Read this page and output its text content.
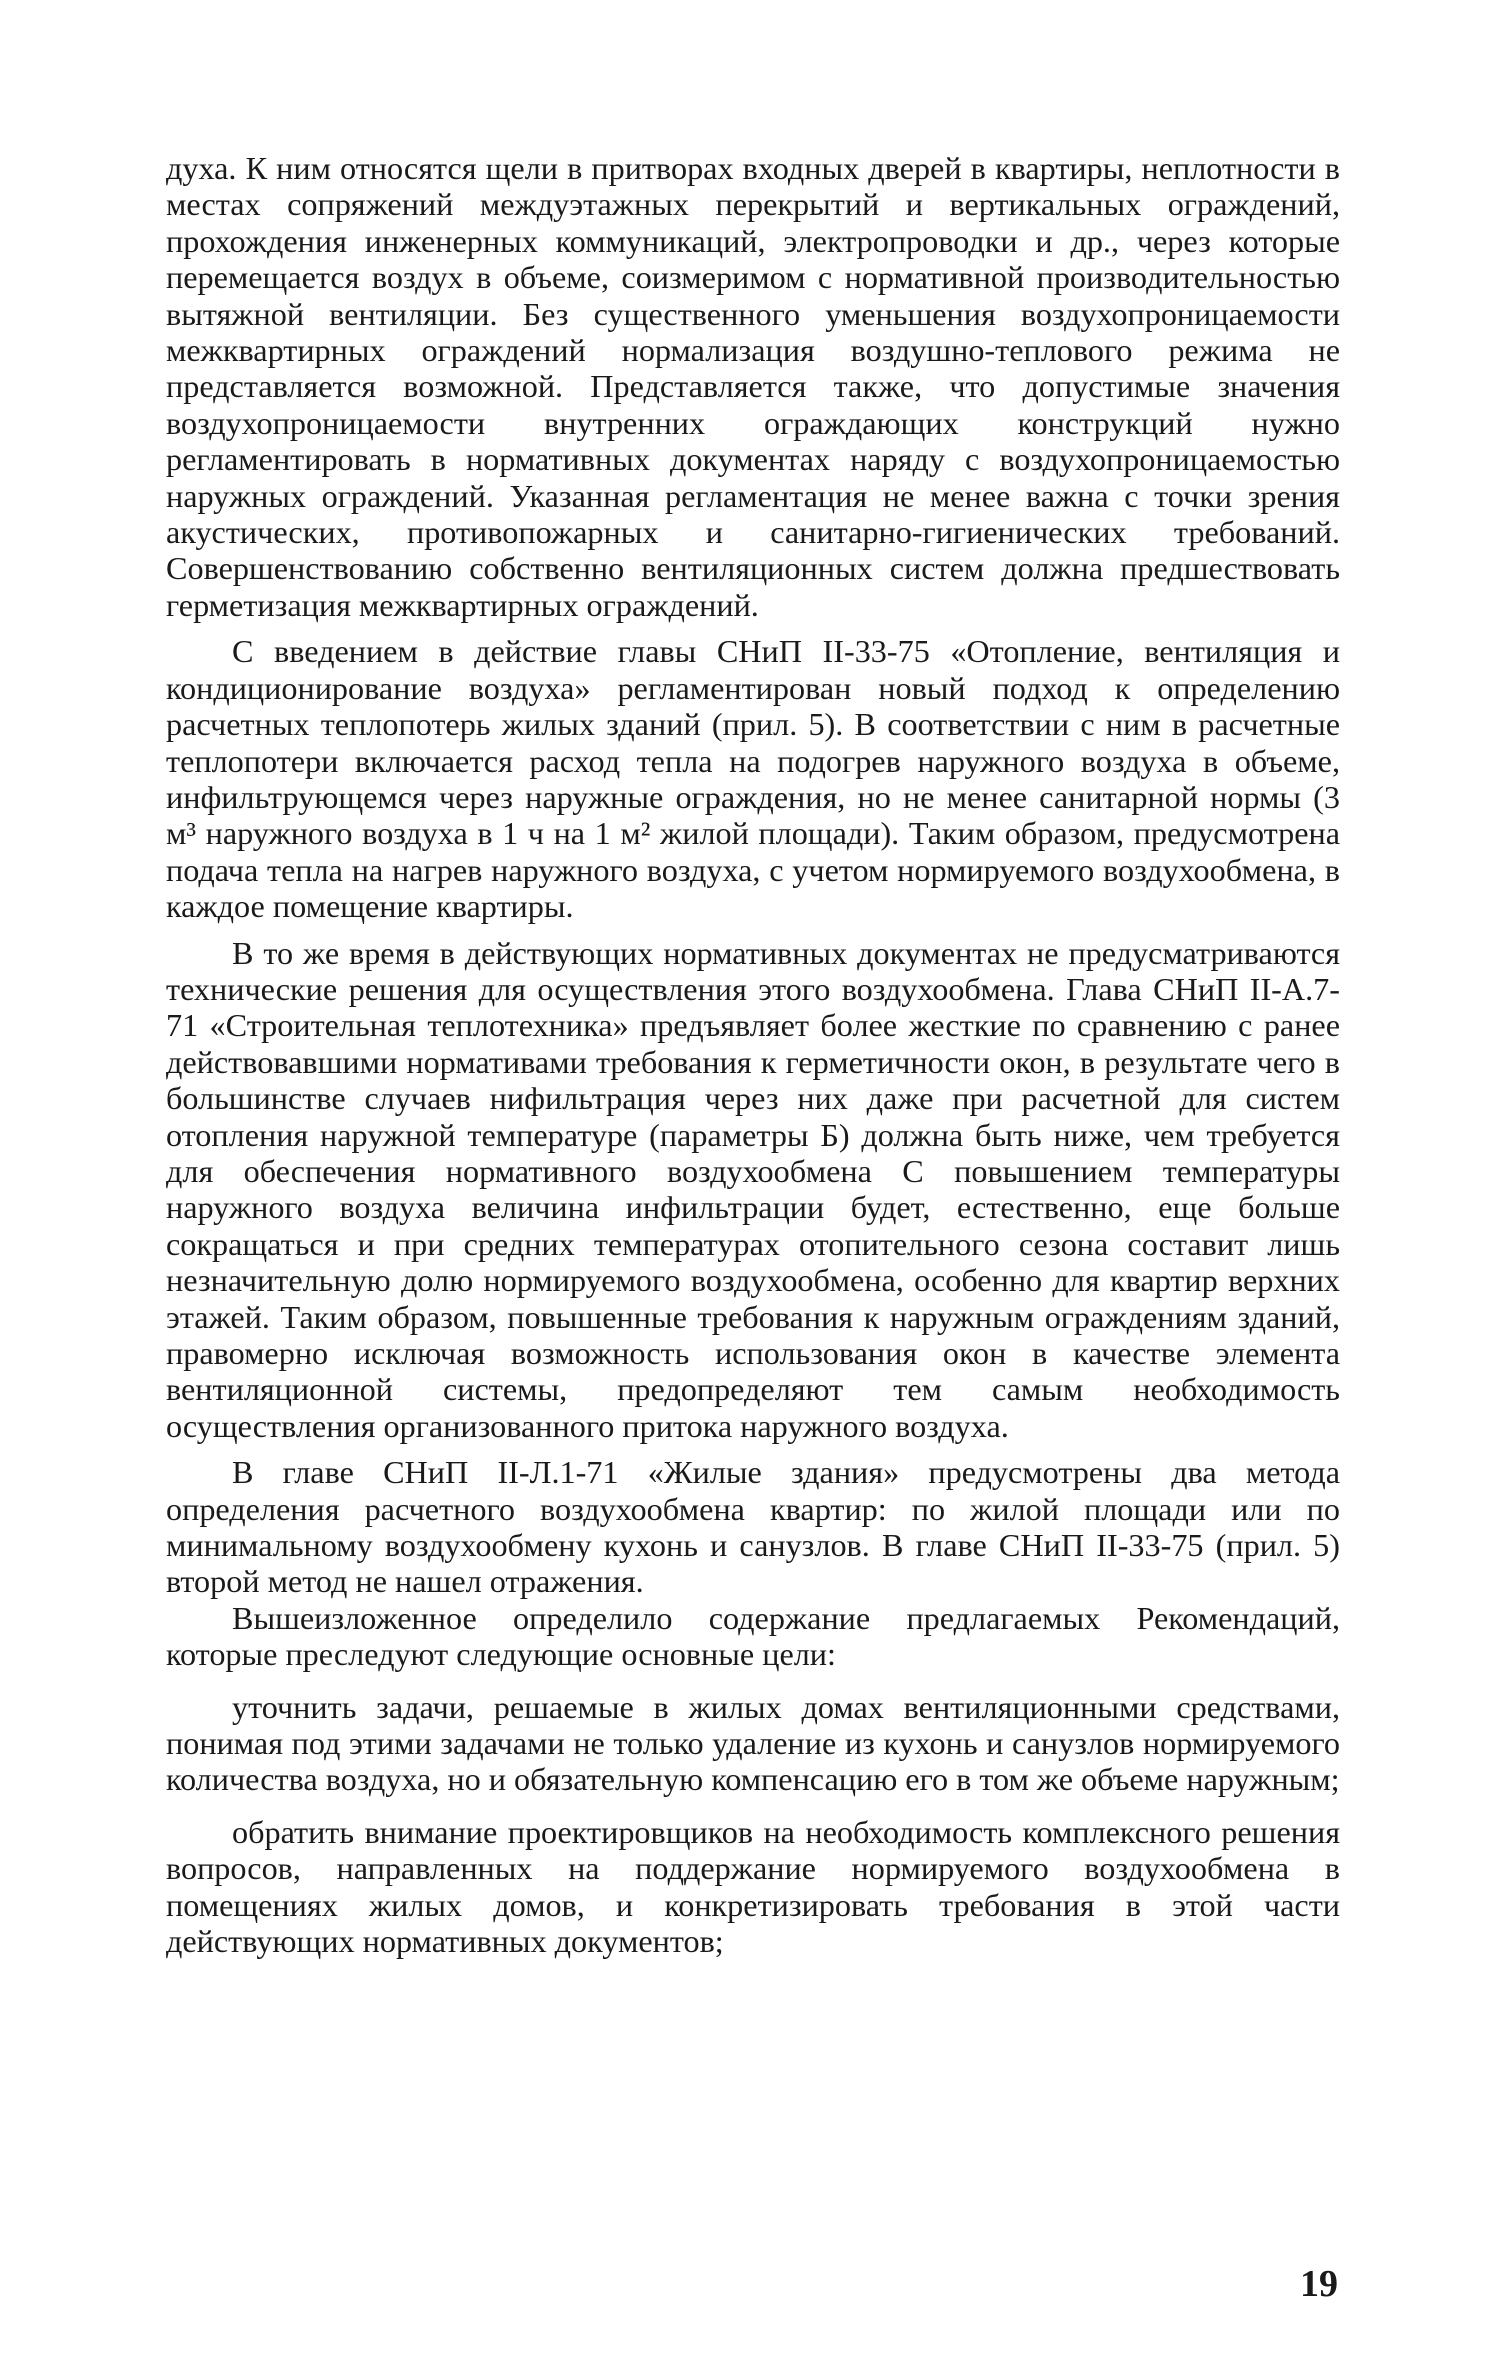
духа. К ним относятся щели в притворах входных дверей в квартиры, неплотности в местах сопряжений междуэтажных перекрытий и вертикальных ограждений, прохождения инженерных коммуникаций, электропроводки и др., через которые перемещается воздух в объеме, соизмеримом с нормативной производительностью вытяжной вентиляции. Без существенного уменьшения воздухопроницаемости межквартирных ограждений нормализация воздушно-теплового режима не представляется возможной. Представляется также, что допустимые значения воздухопроницаемости внутренних ограждающих конструкций нужно регламентировать в нормативных документах наряду с воздухопроницаемостью наружных ограждений. Указанная регламентация не менее важна с точки зрения акустических, противопожарных и санитарно-гигиенических требований. Совершенствованию собственно вентиляционных систем должна предшествовать герметизация межквартирных ограждений.

С введением в действие главы СНиП II-33-75 «Отопление, вентиляция и кондиционирование воздуха» регламентирован новый подход к определению расчетных теплопотерь жилых зданий (прил. 5). В соответствии с ним в расчетные теплопотери включается расход тепла на подогрев наружного воздуха в объеме, инфильтрующемся через наружные ограждения, но не менее санитарной нормы (3 м³ наружного воздуха в 1 ч на 1 м² жилой площади). Таким образом, предусмотрена подача тепла на нагрев наружного воздуха, с учетом нормируемого воздухообмена, в каждое помещение квартиры.

В то же время в действующих нормативных документах не предусматриваются технические решения для осуществления этого воздухообмена. Глава СНиП II-А.7-71 «Строительная теплотехника» предъявляет более жесткие по сравнению с ранее действовавшими нормативами требования к герметичности окон, в результате чего в большинстве случаев нифильтрация через них даже при расчетной для систем отопления наружной температуре (параметры Б) должна быть ниже, чем требуется для обеспечения нормативного воздухообмена С повышением температуры наружного воздуха величина инфильтрации будет, естественно, еще больше сокращаться и при средних температурах отопительного сезона составит лишь незначительную долю нормируемого воздухообмена, особенно для квартир верхних этажей. Таким образом, повышенные требования к наружным ограждениям зданий, правомерно исключая возможность использования окон в качестве элемента вентиляционной системы, предопределяют тем самым необходимость осуществления организованного притока наружного воздуха.

В главе СНиП II-Л.1-71 «Жилые здания» предусмотрены два метода определения расчетного воздухообмена квартир: по жилой площади или по минимальному воздухообмену кухонь и санузлов. В главе СНиП II-33-75 (прил. 5) второй метод не нашел отражения.

Вышеизложенное определило содержание предлагаемых Рекомендаций, которые преследуют следующие основные цели:

уточнить задачи, решаемые в жилых домах вентиляционными средствами, понимая под этими задачами не только удаление из кухонь и санузлов нормируемого количества воздуха, но и обязательную компенсацию его в том же объеме наружным;

обратить внимание проектировщиков на необходимость комплексного решения вопросов, направленных на поддержание нормируемого воздухообмена в помещениях жилых домов, и конкретизировать требования в этой части действующих нормативных документов;

19
